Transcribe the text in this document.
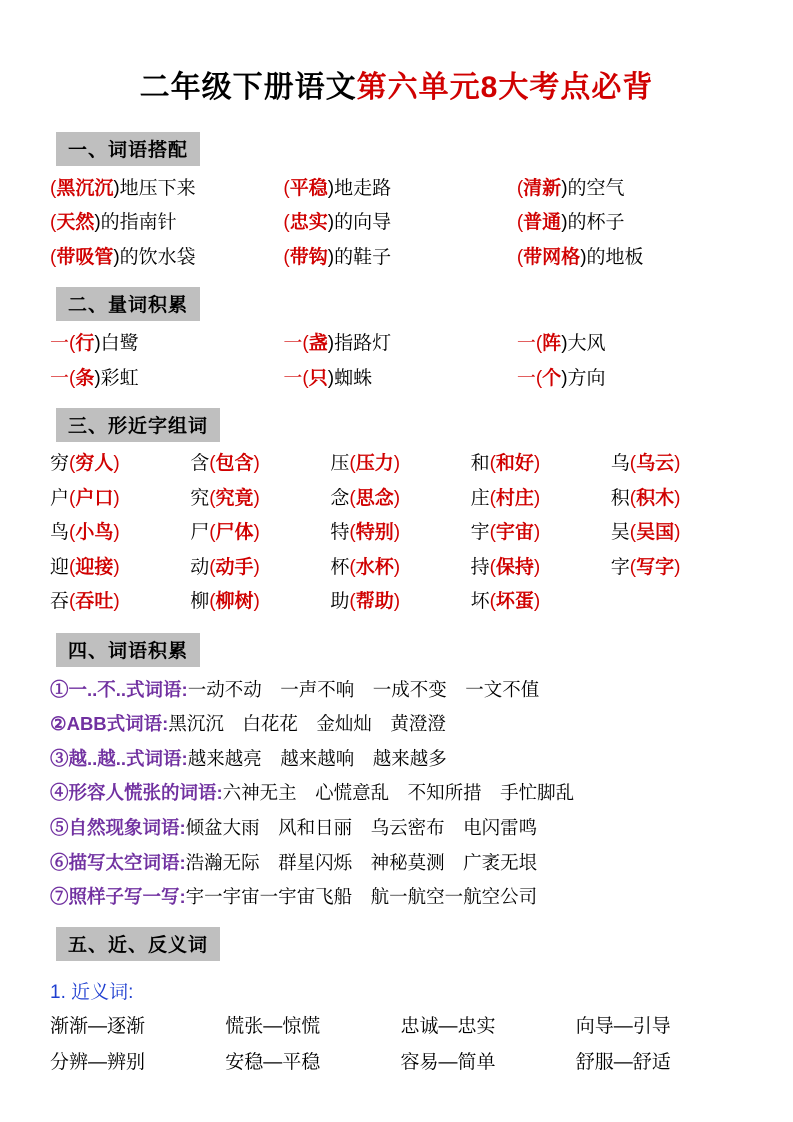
二年级下册语文第六单元8大考点必背
一、词语搭配
(黑沉沉)地压下来	(平稳)地走路	(清新)的空气
(天然)的指南针	(忠实)的向导	(普通)的杯子
(带吸管)的饮水袋	(带钩)的鞋子	(带网格)的地板
二、量词积累
一(行)白鹭	一(盏)指路灯	一(阵)大风
一(条)彩虹	一(只)蜘蛛	一(个)方向
三、形近字组词
穷(穷人)	含(包含)	压(压力)	和(和好)	乌(乌云)
户(户口)	究(究竟)	念(思念)	庄(村庄)	积(积木)
鸟(小鸟)	尸(尸体)	特(特别)	宇(宇宙)	吴(吴国)
迎(迎接)	动(动手)	杯(水杯)	持(保持)	字(写字)
吞(吞吐)	柳(柳树)	助(帮助)	坏(坏蛋)
四、词语积累
①一..不..式词语:一动不动　一声不响　一成不变　一文不值
②ABB式词语:黑沉沉　白花花　金灿灿　黄澄澄
③越..越..式词语:越来越亮　越来越响　越来越多
④形容人慌张的词语:六神无主　心慌意乱　不知所措　手忙脚乱
⑤自然现象词语:倾盆大雨　风和日丽　乌云密布　电闪雷鸣
⑥描写太空词语:浩瀚无际　群星闪烁　神秘莫测　广袤无垠
⑦照样子写一写:宇一宇宙一宇宙飞船　航一航空一航空公司
五、近、反义词
1. 近义词:
渐渐—逐渐	慌张—惊慌	忠诚—忠实	向导—引导
分辨—辨别	安稳—平稳	容易—简单	舒服—舒适
